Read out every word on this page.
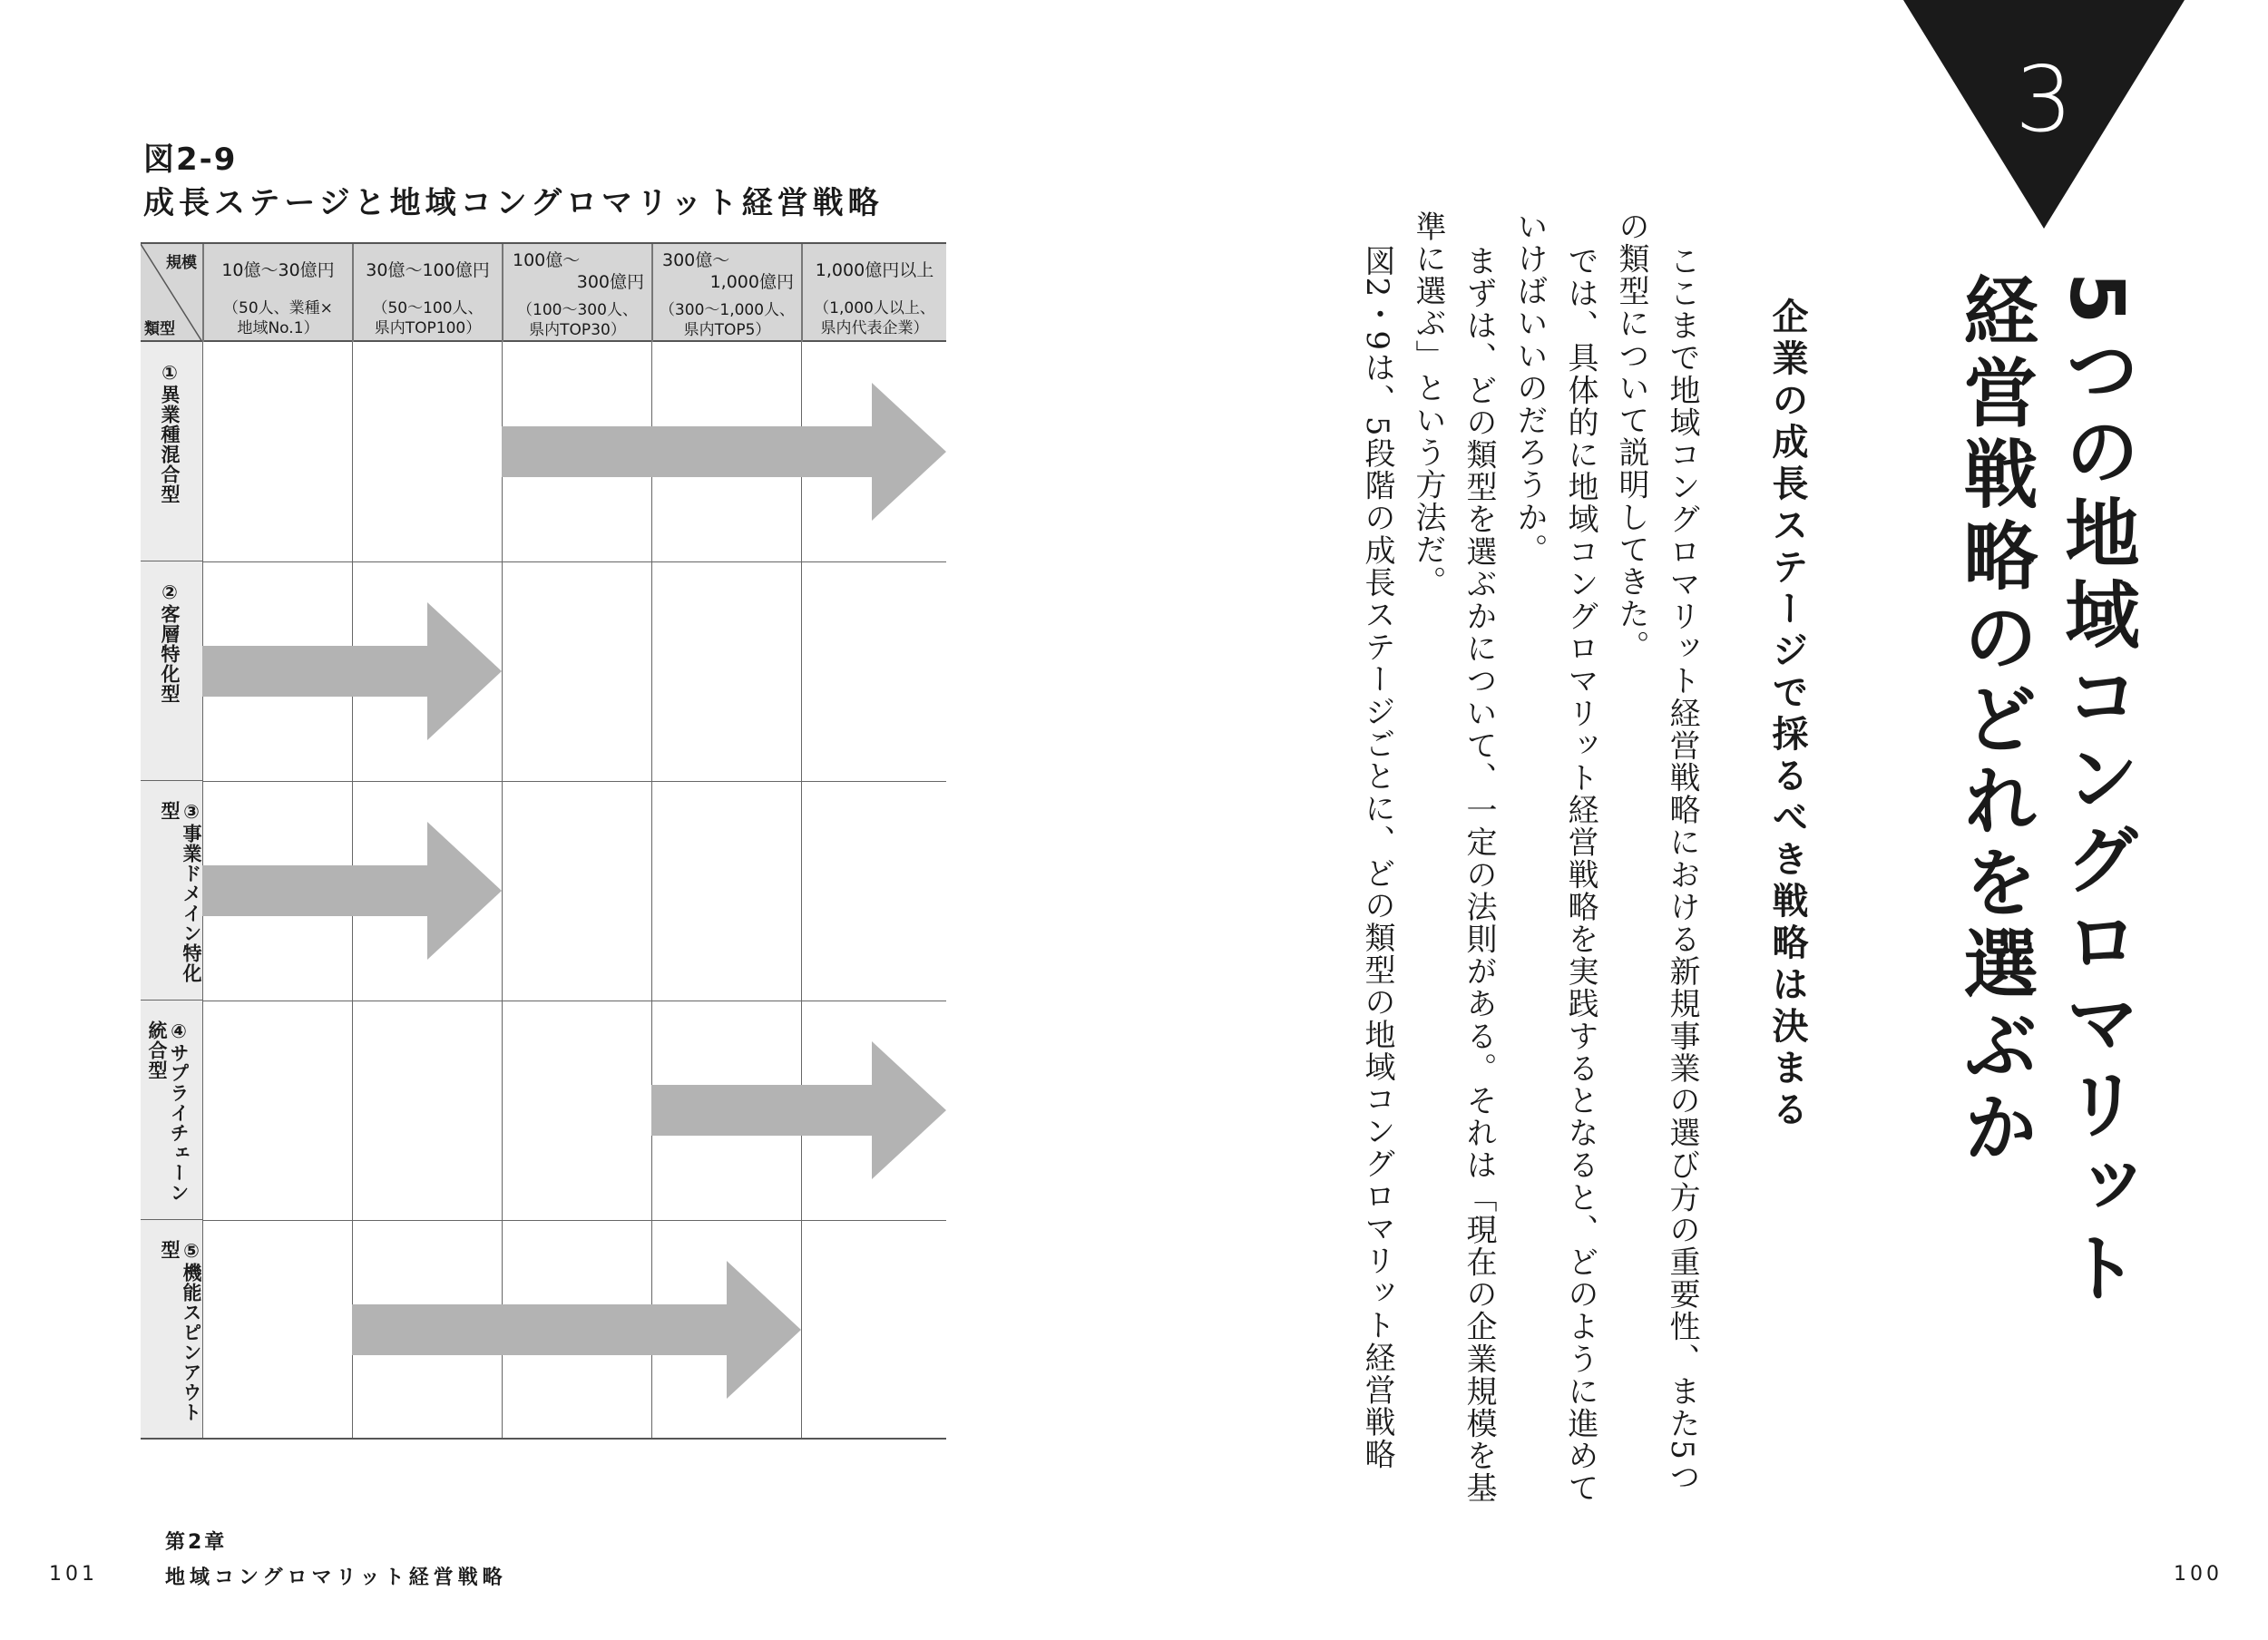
図2-9
成長ステージと地域コングロマリット経営戦略
規模
類型
10億～30億円
（50人、業種×
地域No.1）
30億～100億円
（50～100人、
県内TOP100）
100億～
300億円
（100～300人、
県内TOP30）
300億～
1,000億円
（300～1,000人、
県内TOP5）
1,000億円以上
（1,000人以上、
県内代表企業）
①異業種混合型
②客層特化型
③事業ドメイン特化型
④サプライチェーン
統合型
⑤機能スピンアウト型
3
5つの地域コングロマリット
経営戦略のどれを選ぶか
企業の成長ステージで採るべき戦略は決まる
ここまで地域コングロマリット経営戦略における新規事業の選び方の重要性、また5つ
の類型について説明してきた。
では、具体的に地域コングロマリット経営戦略を実践するとなると、どのように進めて
いけばいいのだろうか。
まずは、どの類型を選ぶかについて、一定の法則がある。それは「現在の企業規模を基
準に選ぶ」という方法だ。
図2・9は、5段階の成長ステージごとに、どの類型の地域コングロマリット経営戦略
101
第2章
地域コングロマリット経営戦略	100
